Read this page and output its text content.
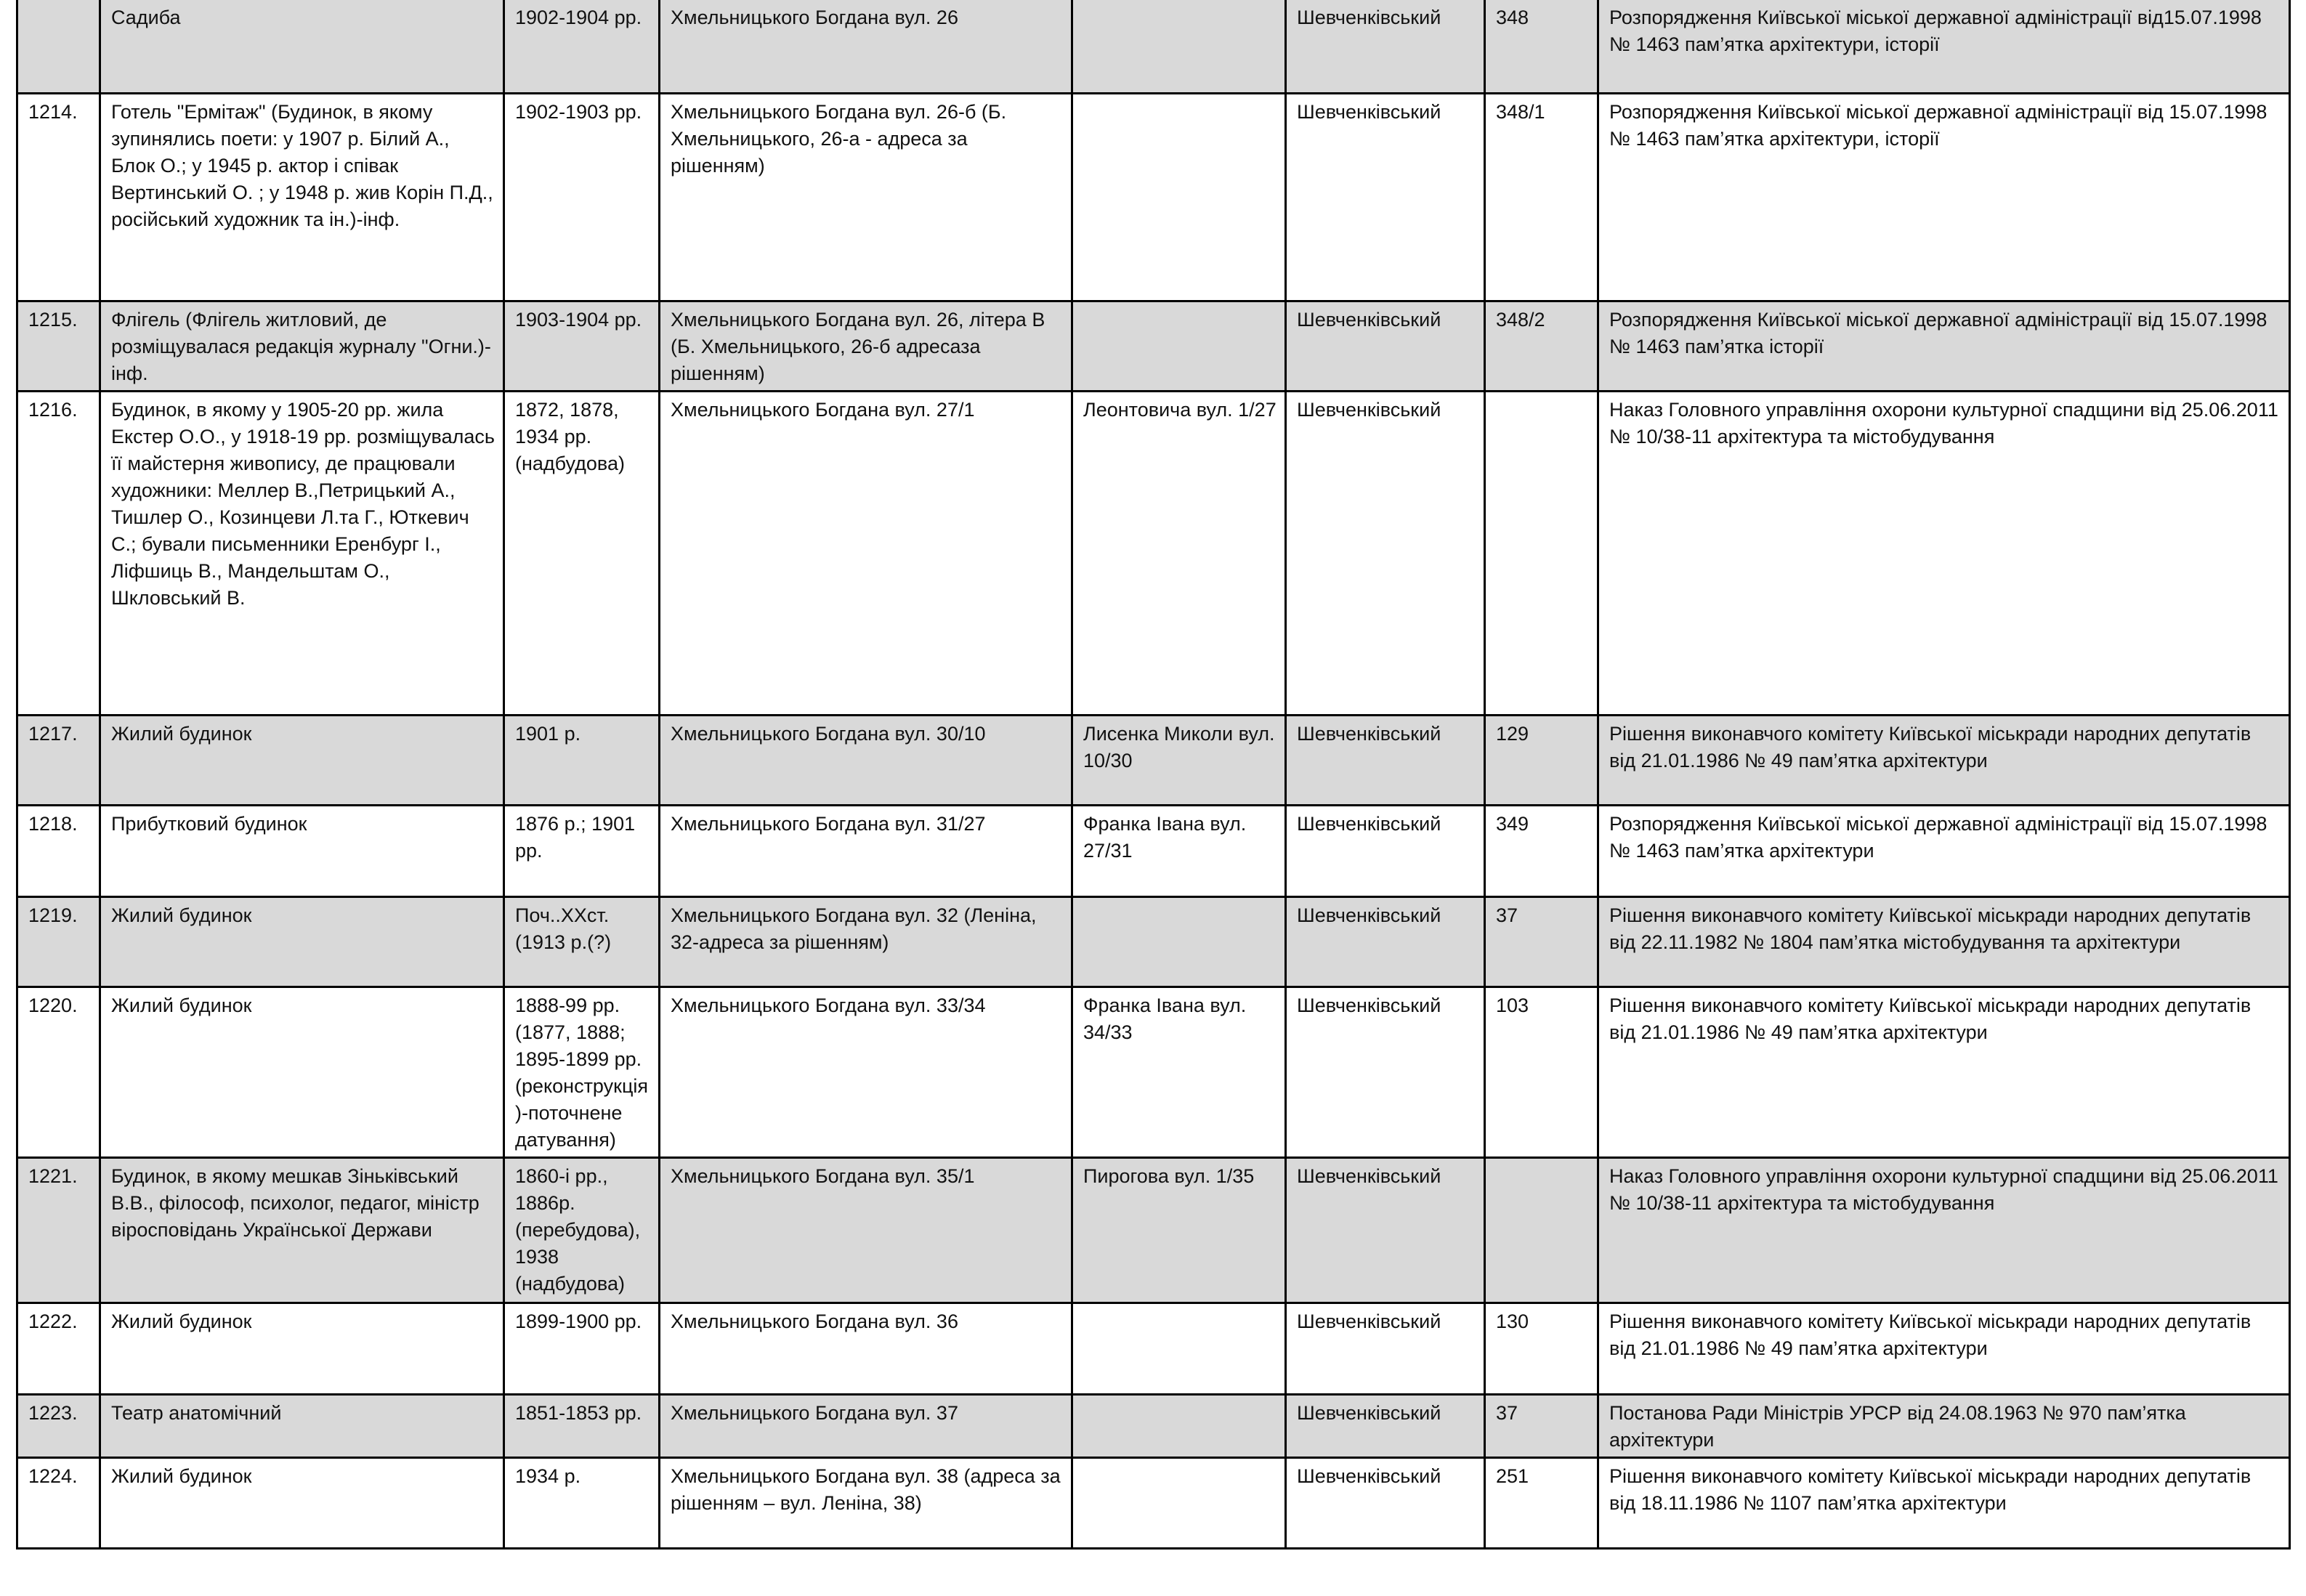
	Садиба	1902-1904 рр.	Хмельницького Богдана вул. 26		Шевченківський	348	Розпорядження Київської міської державної адміністрації від15.07.1998 № 1463 пам’ятка архітектури, історії
1214.	Готель "Ермітаж" (Будинок, в якому зупинялись поети: у 1907 р. Білий А., Блок О.; у 1945 р. актор і співак Вертинський О. ; у 1948 р. жив Корін П.Д., російський художник та ін.)-інф.	1902-1903 рр.	Хмельницького Богдана вул. 26-б (Б. Хмельницького, 26-а - адреса за рішенням)		Шевченківський	348/1	Розпорядження Київської міської державної адміністрації від 15.07.1998 № 1463 пам’ятка архітектури, історії
1215.	Флігель (Флігель житловий, де розміщувалася редакція журналу "Огни.)- інф.	1903-1904 рр.	Хмельницького Богдана вул. 26, літера В (Б. Хмельницького, 26-б адресаза рішенням)		Шевченківський	348/2	Розпорядження Київської міської державної адміністрації від 15.07.1998 № 1463 пам’ятка історії
1216.	Будинок, в якому у 1905-20 рр. жила Екстер О.О., у 1918-19 рр. розміщувалась її майстерня живопису, де працювали художники: Меллер В.,Петрицький А., Тишлер О., Козинцеви Л.та Г., Юткевич С.; бували письменники Еренбург І., Ліфшиць В., Мандельштам О., Шкловський В.	1872, 1878, 1934 рр. (надбудова)	Хмельницького Богдана вул. 27/1	Леонтовича вул. 1/27	Шевченківський		Наказ Головного управління охорони культурної спадщини від 25.06.2011 № 10/38-11 архітектура та містобудування
1217.	Жилий будинок	1901 р.	Хмельницького Богдана вул. 30/10	Лисенка Миколи вул. 10/30	Шевченківський	129	Рішення виконавчого комітету Київської міськради народних депутатів від 21.01.1986 № 49 пам’ятка архітектури
1218.	Прибутковий будинок	1876 р.; 1901 рр.	Хмельницького Богдана вул. 31/27	Франка Івана вул. 27/31	Шевченківський	349	Розпорядження Київської міської державної адміністрації від 15.07.1998 № 1463 пам’ятка архітектури
1219.	Жилий будинок	Поч..ХХст. (1913 р.(?)	Хмельницького Богдана вул. 32 (Леніна, 32-адреса за рішенням)		Шевченківський	37	Рішення виконавчого комітету Київської міськради народних депутатів від 22.11.1982 № 1804 пам’ятка містобудування та архітектури
1220.	Жилий будинок	1888-99 рр. (1877, 1888; 1895-1899 рр. (реконструкція)-поточнене датування)	Хмельницького Богдана вул. 33/34	Франка Івана вул. 34/33	Шевченківський	103	Рішення виконавчого комітету Київської міськради народних депутатів від 21.01.1986 № 49 пам’ятка архітектури
1221.	Будинок, в якому мешкав Зіньківський В.В., філософ, психолог, педагог, міністр віросповідань Української Держави	1860-і рр., 1886р. (перебудова), 1938 (надбудова)	Хмельницького Богдана вул. 35/1	Пирогова вул. 1/35	Шевченківський		Наказ Головного управління охорони культурної спадщини від 25.06.2011 № 10/38-11 архітектура та містобудування
1222.	Жилий будинок	1899-1900 рр.	Хмельницького Богдана вул. 36		Шевченківський	130	Рішення виконавчого комітету Київської міськради народних депутатів від 21.01.1986 № 49 пам’ятка архітектури
1223.	Театр анатомічний	1851-1853 рр.	Хмельницького Богдана вул. 37		Шевченківський	37	Постанова Ради Міністрів УРСР від 24.08.1963 № 970 пам’ятка архітектури
1224.	Жилий будинок	1934 р.	Хмельницького Богдана вул. 38 (адреса за рішенням – вул. Леніна, 38)		Шевченківський	251	Рішення виконавчого комітету Київської міськради народних депутатів від 18.11.1986 № 1107 пам’ятка архітектури
